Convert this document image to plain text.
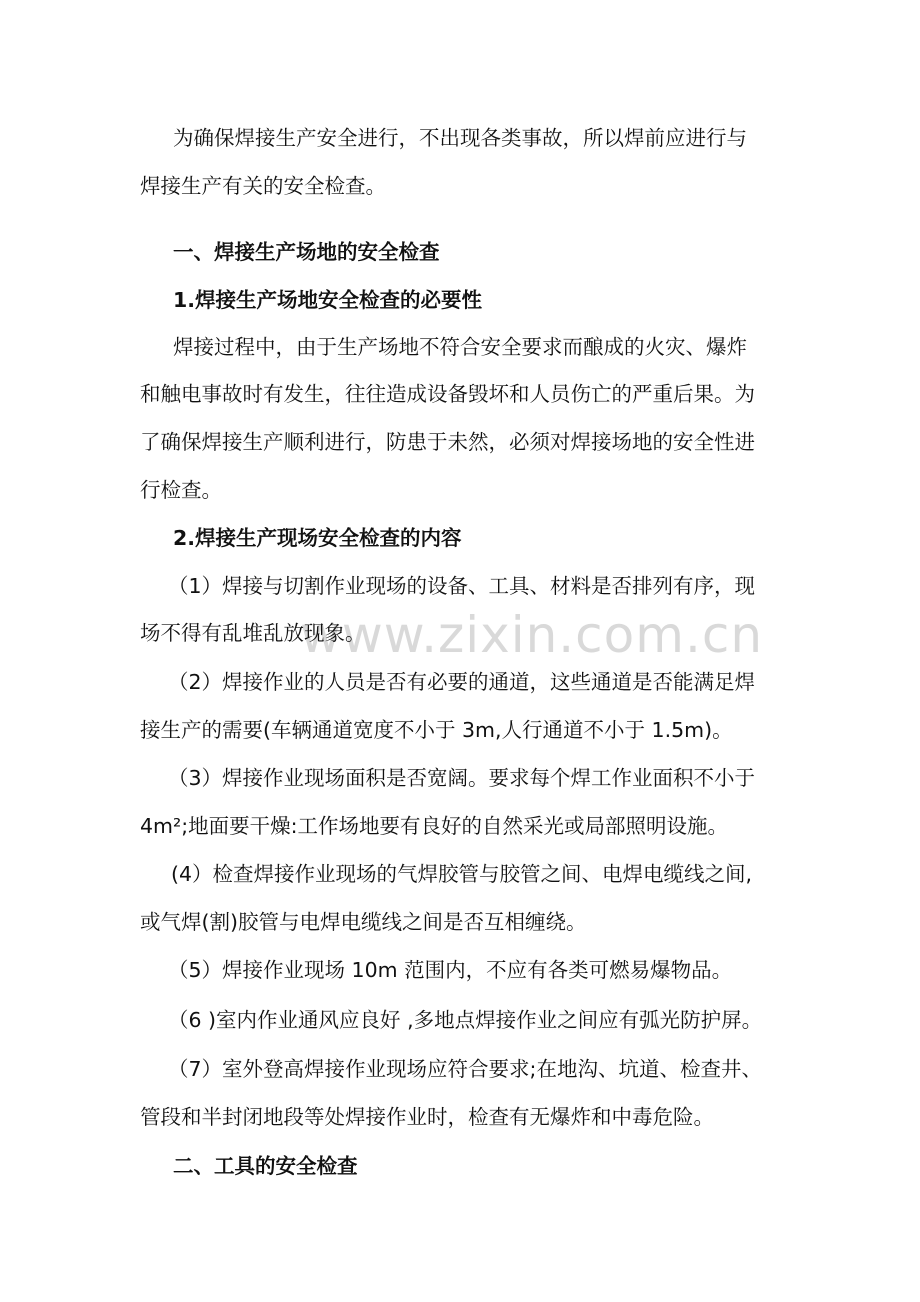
www.zixin.com.cn
为确保焊接生产安全进行，不出现各类事故，所以焊前应进行与
焊接生产有关的安全检查。
一、焊接生产场地的安全检查
1.焊接生产场地安全检查的必要性
焊接过程中，由于生产场地不符合安全要求而酿成的火灾、爆炸
和触电事故时有发生，往往造成设备毁坏和人员伤亡的严重后果。为
了确保焊接生产顺利进行，防患于未然，必须对焊接场地的安全性进
行检查。
2.焊接生产现场安全检查的内容
（1）焊接与切割作业现场的设备、工具、材料是否排列有序，现
场不得有乱堆乱放现象。
（2）焊接作业的人员是否有必要的通道，这些通道是否能满足焊
接生产的需要(车辆通道宽度不小于 3m,人行通道不小于 1.5m)。
（3）焊接作业现场面积是否宽阔。要求每个焊工作业面积不小于
4m²;地面要干燥:工作场地要有良好的自然采光或局部照明设施。
(4）检查焊接作业现场的气焊胶管与胶管之间、电焊电缆线之间,
或气焊(割)胶管与电焊电缆线之间是否互相缠绕。
（5）焊接作业现场 10m 范围内，不应有各类可燃易爆物品。
（6 )室内作业通风应良好 ,多地点焊接作业之间应有弧光防护屏。
（7）室外登高焊接作业现场应符合要求;在地沟、坑道、检查井、
管段和半封闭地段等处焊接作业时，检查有无爆炸和中毒危险。
二、工具的安全检查
